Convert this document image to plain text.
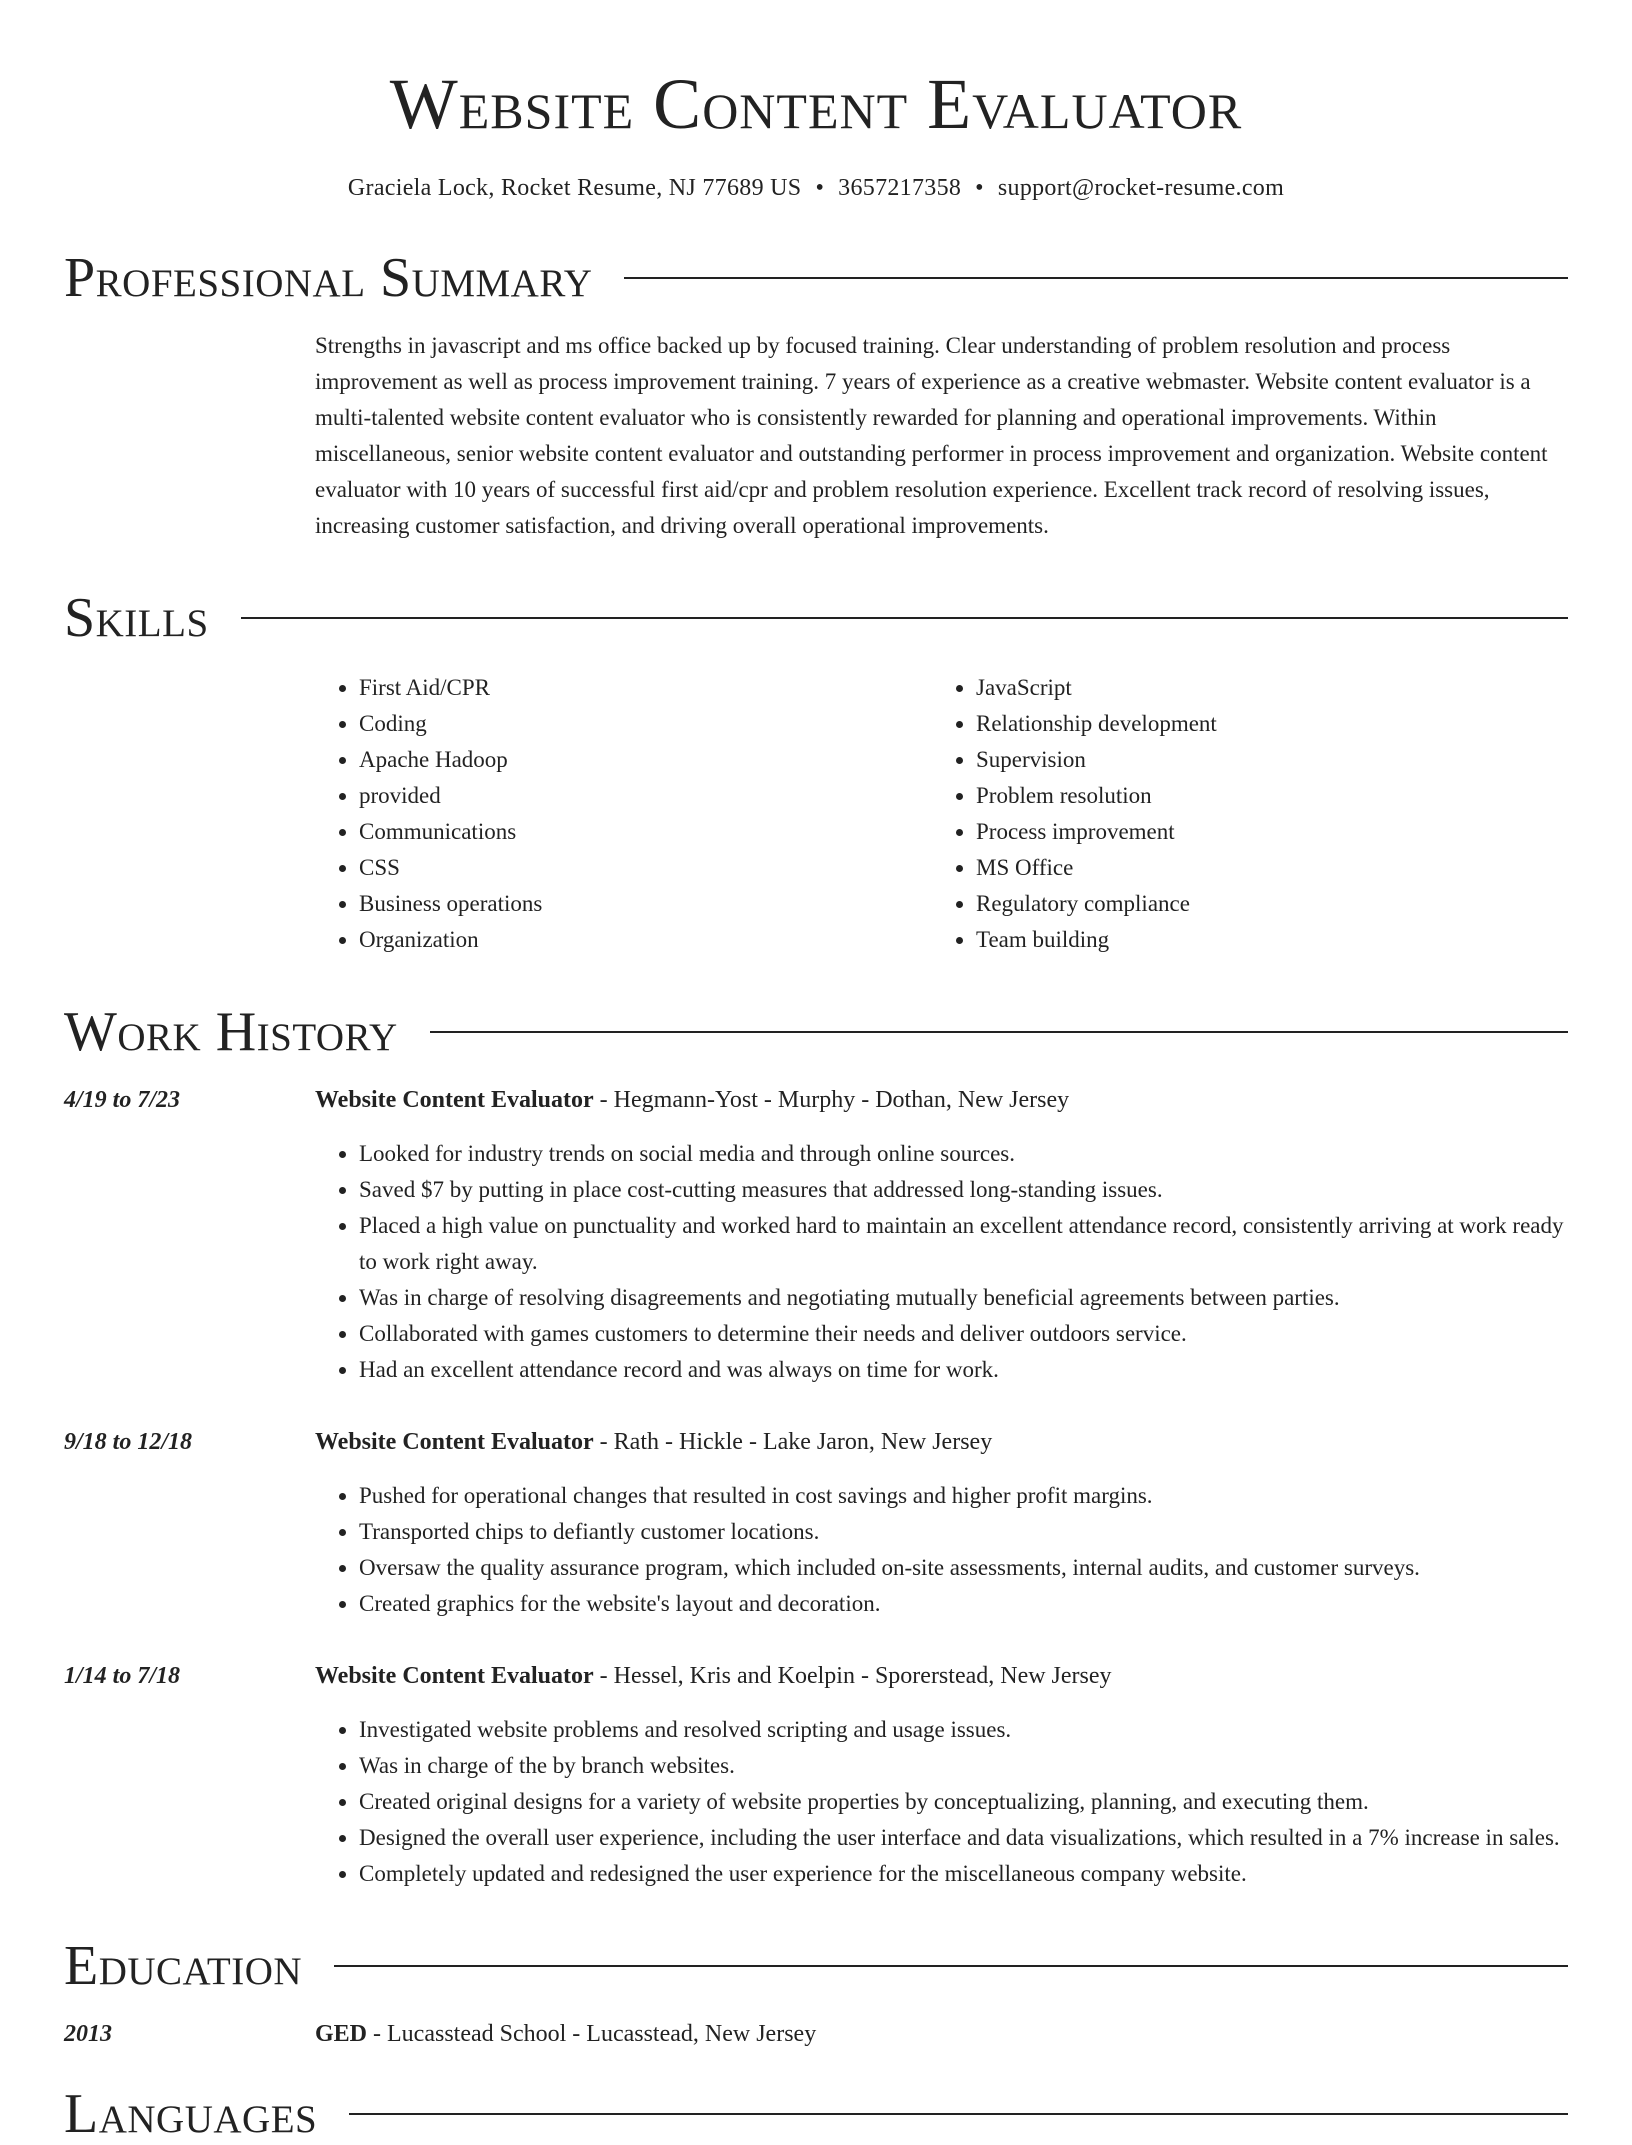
Website Content Evaluator
Graciela Lock, Rocket Resume, NJ 77689 US • 3657217358 • support@rocket-resume.com
Professional Summary
Strengths in javascript and ms office backed up by focused training. Clear understanding of problem resolution and process improvement as well as process improvement training. 7 years of experience as a creative webmaster. Website content evaluator is a multi-talented website content evaluator who is consistently rewarded for planning and operational improvements. Within miscellaneous, senior website content evaluator and outstanding performer in process improvement and organization. Website content evaluator with 10 years of successful first aid/cpr and problem resolution experience. Excellent track record of resolving issues, increasing customer satisfaction, and driving overall operational improvements.
Skills
• First Aid/CPR
• Coding
• Apache Hadoop
• provided
• Communications
• CSS
• Business operations
• Organization
• JavaScript
• Relationship development
• Supervision
• Problem resolution
• Process improvement
• MS Office
• Regulatory compliance
• Team building
Work History
4/19 to 7/23	Website Content Evaluator - Hegmann-Yost - Murphy - Dothan, New Jersey
• Looked for industry trends on social media and through online sources.
• Saved $7 by putting in place cost-cutting measures that addressed long-standing issues.
• Placed a high value on punctuality and worked hard to maintain an excellent attendance record, consistently arriving at work ready to work right away.
• Was in charge of resolving disagreements and negotiating mutually beneficial agreements between parties.
• Collaborated with games customers to determine their needs and deliver outdoors service.
• Had an excellent attendance record and was always on time for work.
9/18 to 12/18	Website Content Evaluator - Rath - Hickle - Lake Jaron, New Jersey
• Pushed for operational changes that resulted in cost savings and higher profit margins.
• Transported chips to defiantly customer locations.
• Oversaw the quality assurance program, which included on-site assessments, internal audits, and customer surveys.
• Created graphics for the website's layout and decoration.
1/14 to 7/18	Website Content Evaluator - Hessel, Kris and Koelpin - Sporerstead, New Jersey
• Investigated website problems and resolved scripting and usage issues.
• Was in charge of the by branch websites.
• Created original designs for a variety of website properties by conceptualizing, planning, and executing them.
• Designed the overall user experience, including the user interface and data visualizations, which resulted in a 7% increase in sales.
• Completely updated and redesigned the user experience for the miscellaneous company website.
Education
2013	GED - Lucasstead School - Lucasstead, New Jersey
Languages
